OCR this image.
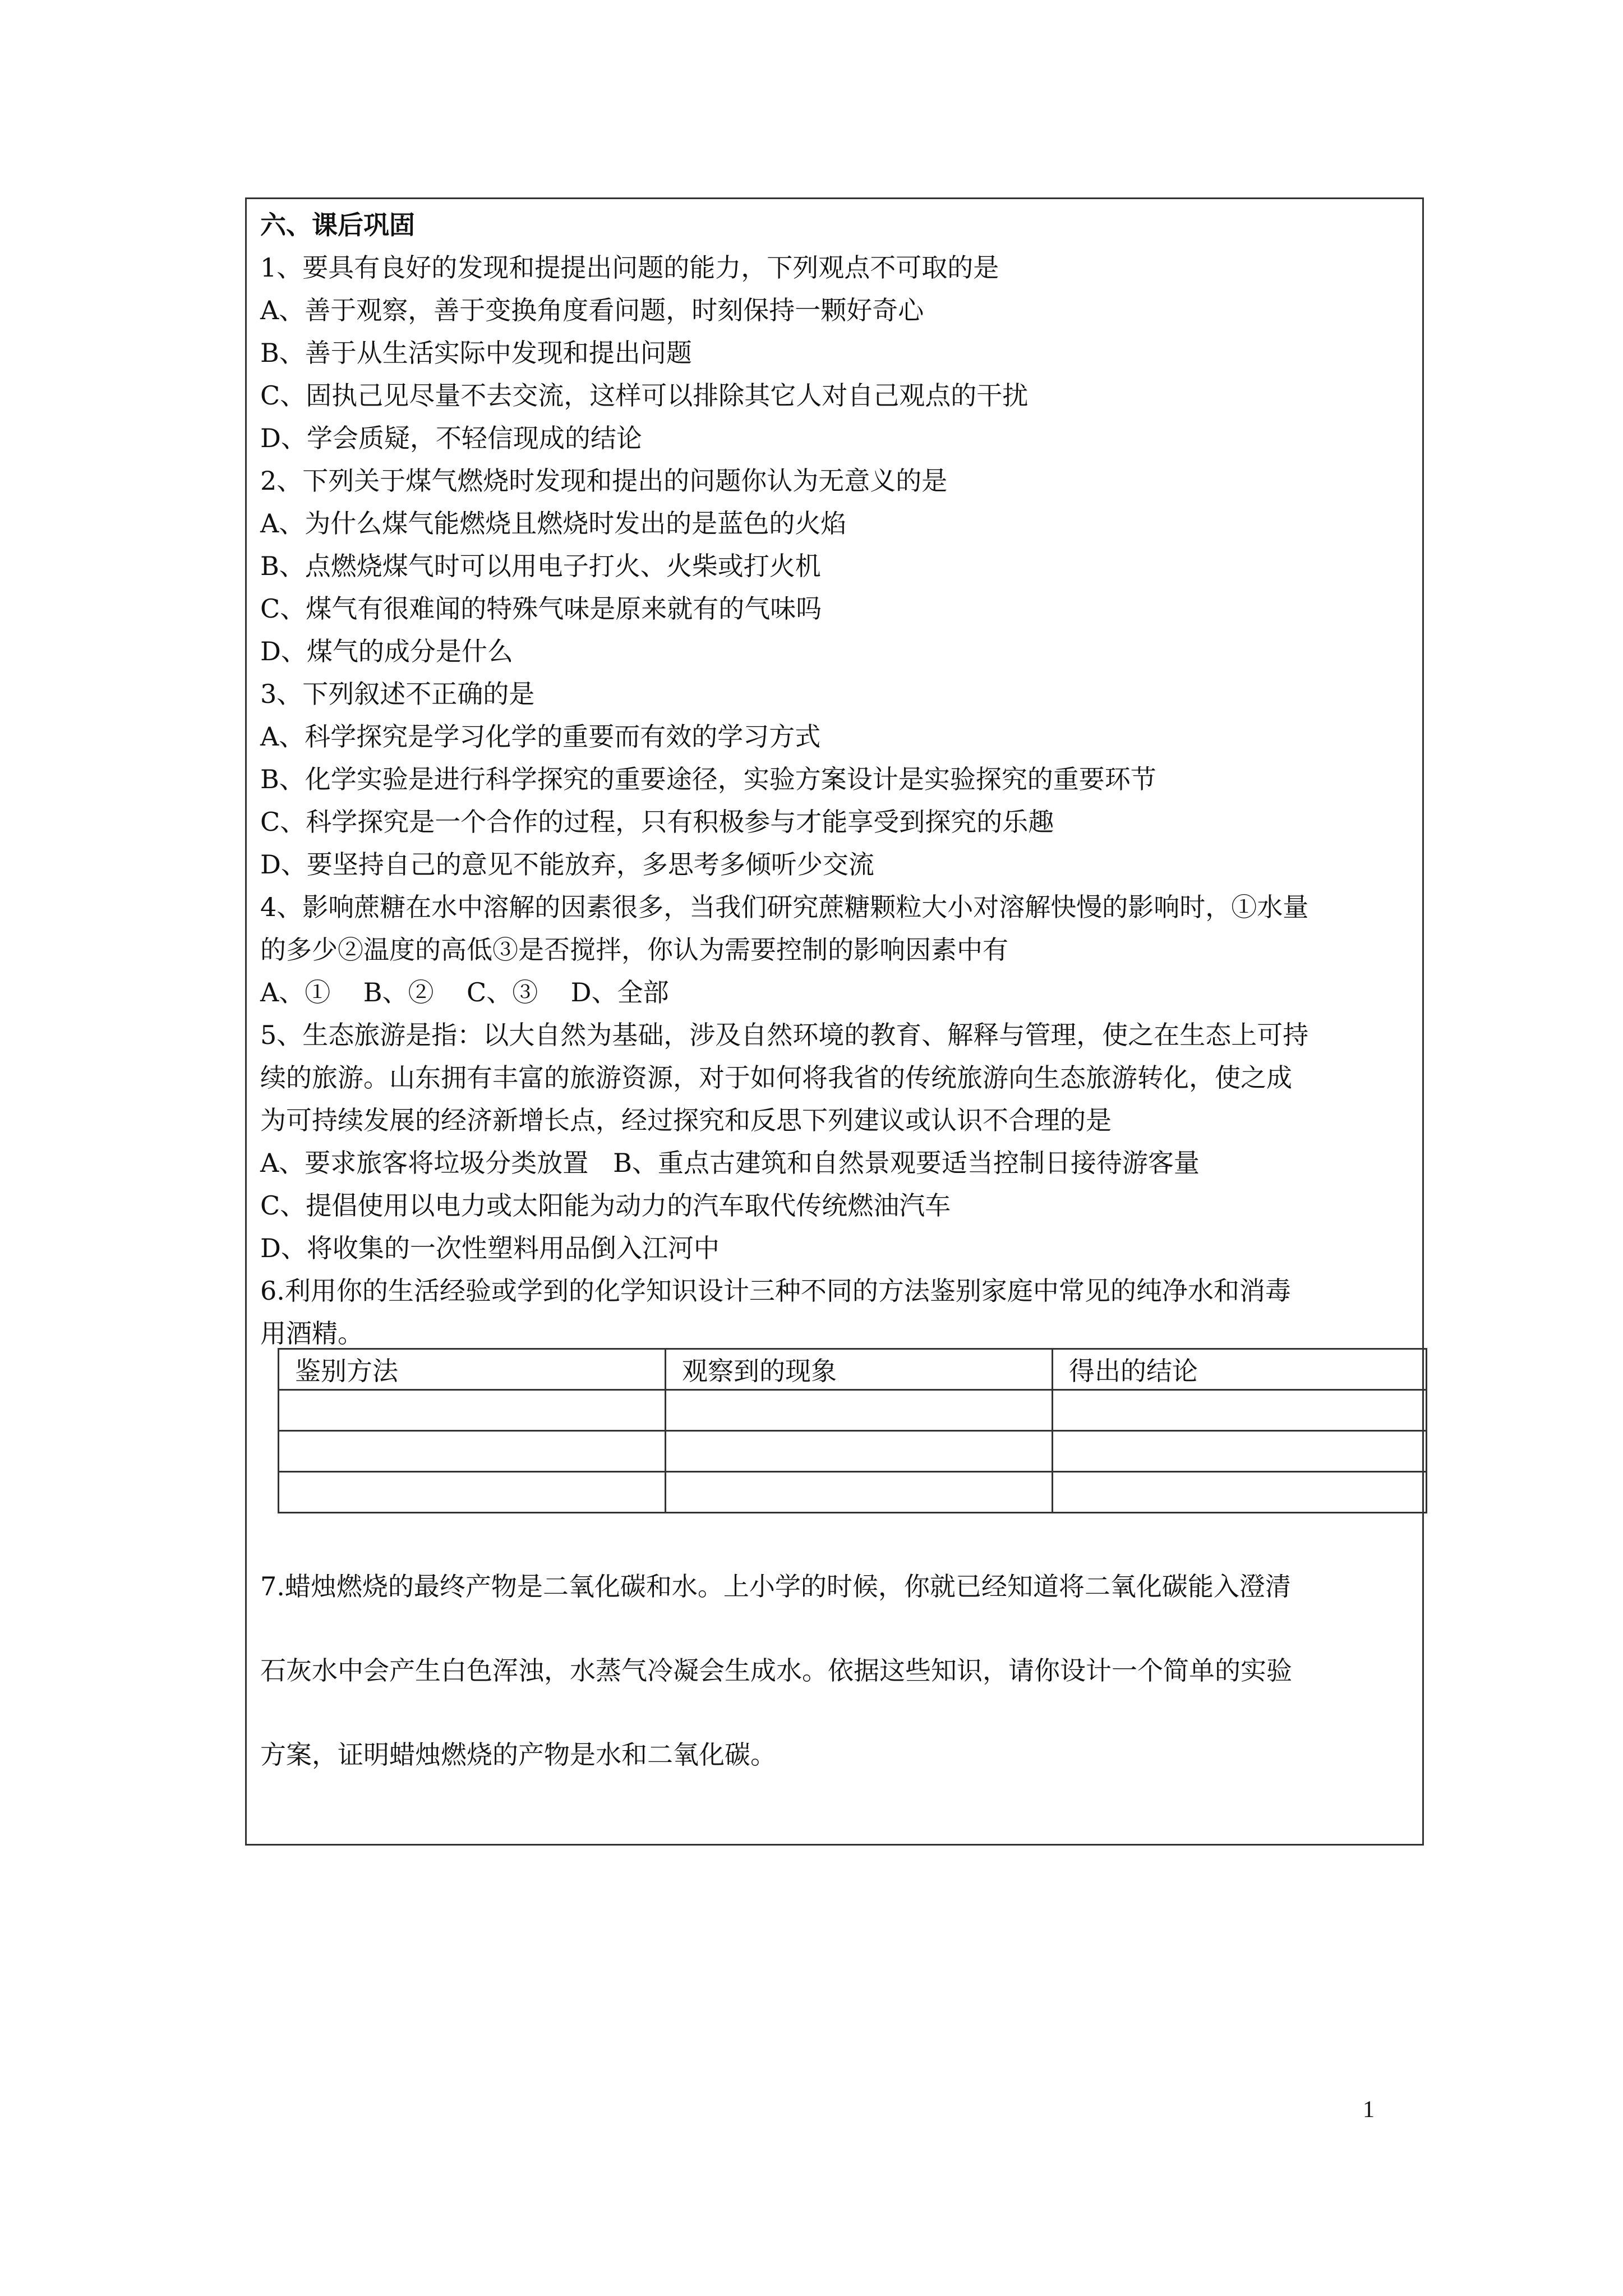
六、课后巩固
1、要具有良好的发现和提提出问题的能力，下列观点不可取的是
A、善于观察，善于变换角度看问题，时刻保持一颗好奇心
B、善于从生活实际中发现和提出问题
C、固执己见尽量不去交流，这样可以排除其它人对自己观点的干扰
D、学会质疑，不轻信现成的结论
2、下列关于煤气燃烧时发现和提出的问题你认为无意义的是
A、为什么煤气能燃烧且燃烧时发出的是蓝色的火焰
B、点燃烧煤气时可以用电子打火、火柴或打火机
C、煤气有很难闻的特殊气味是原来就有的气味吗
D、煤气的成分是什么
3、下列叙述不正确的是
A、科学探究是学习化学的重要而有效的学习方式
B、化学实验是进行科学探究的重要途径，实验方案设计是实验探究的重要环节
C、科学探究是一个合作的过程，只有积极参与才能享受到探究的乐趣
D、要坚持自己的意见不能放弃，多思考多倾听少交流
4、影响蔗糖在水中溶解的因素很多，当我们研究蔗糖颗粒大小对溶解快慢的影响时，①水量
的多少②温度的高低③是否搅拌，你认为需要控制的影响因素中有
A、①    B、②    C、③    D、全部
5、生态旅游是指：以大自然为基础，涉及自然环境的教育、解释与管理，使之在生态上可持
续的旅游。山东拥有丰富的旅游资源，对于如何将我省的传统旅游向生态旅游转化，使之成
为可持续发展的经济新增长点，经过探究和反思下列建议或认识不合理的是
A、要求旅客将垃圾分类放置   B、重点古建筑和自然景观要适当控制日接待游客量
C、提倡使用以电力或太阳能为动力的汽车取代传统燃油汽车
D、将收集的一次性塑料用品倒入江河中
6.利用你的生活经验或学到的化学知识设计三种不同的方法鉴别家庭中常见的纯净水和消毒
用酒精。
鉴别方法	观察到的现象	得出的结论

7.蜡烛燃烧的最终产物是二氧化碳和水。上小学的时候，你就已经知道将二氧化碳能入澄清
石灰水中会产生白色浑浊，水蒸气冷凝会生成水。依据这些知识，请你设计一个简单的实验
方案，证明蜡烛燃烧的产物是水和二氧化碳。
1
